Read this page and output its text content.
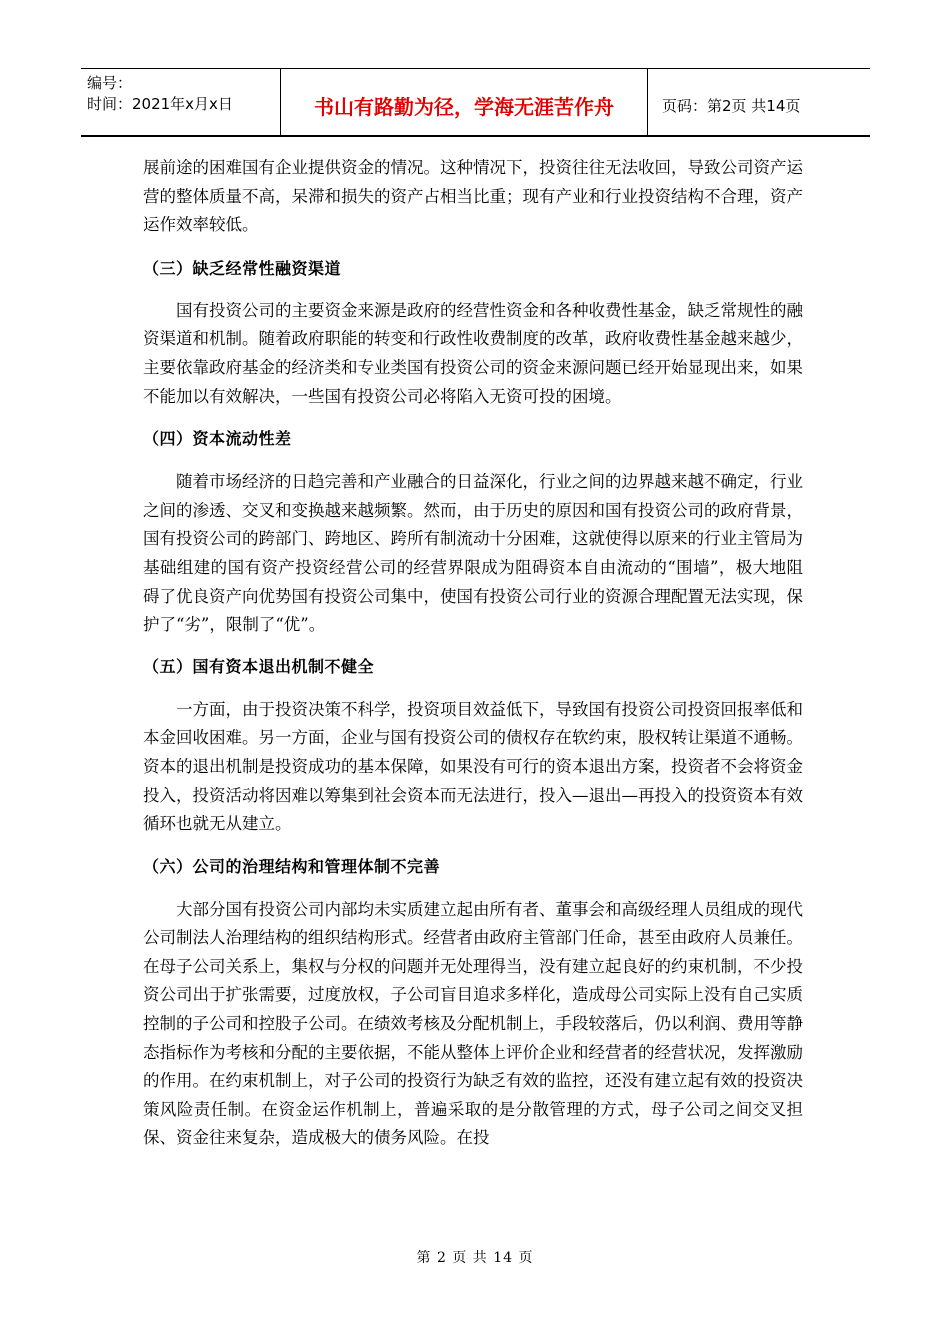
编号：
时间：2021年x月x日	书山有路勤为径，学海无涯苦作舟	页码：第2页 共14页

展前途的困难国有企业提供资金的情况。这种情况下，投资往往无法收回，导致公司资产运营的整体质量不高，呆滞和损失的资产占相当比重；现有产业和行业投资结构不合理，资产运作效率较低。

（三）缺乏经常性融资渠道

国有投资公司的主要资金来源是政府的经营性资金和各种收费性基金，缺乏常规性的融资渠道和机制。随着政府职能的转变和行政性收费制度的改革，政府收费性基金越来越少，主要依靠政府基金的经济类和专业类国有投资公司的资金来源问题已经开始显现出来，如果不能加以有效解决，一些国有投资公司必将陷入无资可投的困境。

（四）资本流动性差

随着市场经济的日趋完善和产业融合的日益深化，行业之间的边界越来越不确定，行业之间的渗透、交叉和变换越来越频繁。然而，由于历史的原因和国有投资公司的政府背景，国有投资公司的跨部门、跨地区、跨所有制流动十分困难，这就使得以原来的行业主管局为基础组建的国有资产投资经营公司的经营界限成为阻碍资本自由流动的“围墙”，极大地阻碍了优良资产向优势国有投资公司集中，使国有投资公司行业的资源合理配置无法实现，保护了“劣”，限制了“优”。

（五）国有资本退出机制不健全

一方面，由于投资决策不科学，投资项目效益低下，导致国有投资公司投资回报率低和本金回收困难。另一方面，企业与国有投资公司的债权存在软约束，股权转让渠道不通畅。资本的退出机制是投资成功的基本保障，如果没有可行的资本退出方案，投资者不会将资金投入，投资活动将因难以筹集到社会资本而无法进行，投入—退出—再投入的投资资本有效循环也就无从建立。

（六）公司的治理结构和管理体制不完善

大部分国有投资公司内部均未实质建立起由所有者、董事会和高级经理人员组成的现代公司制法人治理结构的组织结构形式。经营者由政府主管部门任命，甚至由政府人员兼任。在母子公司关系上，集权与分权的问题并无处理得当，没有建立起良好的约束机制，不少投资公司出于扩张需要，过度放权，子公司盲目追求多样化，造成母公司实际上没有自己实质控制的子公司和控股子公司。在绩效考核及分配机制上，手段较落后，仍以利润、费用等静态指标作为考核和分配的主要依据，不能从整体上评价企业和经营者的经营状况，发挥激励的作用。在约束机制上，对子公司的投资行为缺乏有效的监控，还没有建立起有效的投资决策风险责任制。在资金运作机制上，普遍采取的是分散管理的方式，母子公司之间交叉担保、资金往来复杂，造成极大的债务风险。在投

第 2 页 共 14 页
